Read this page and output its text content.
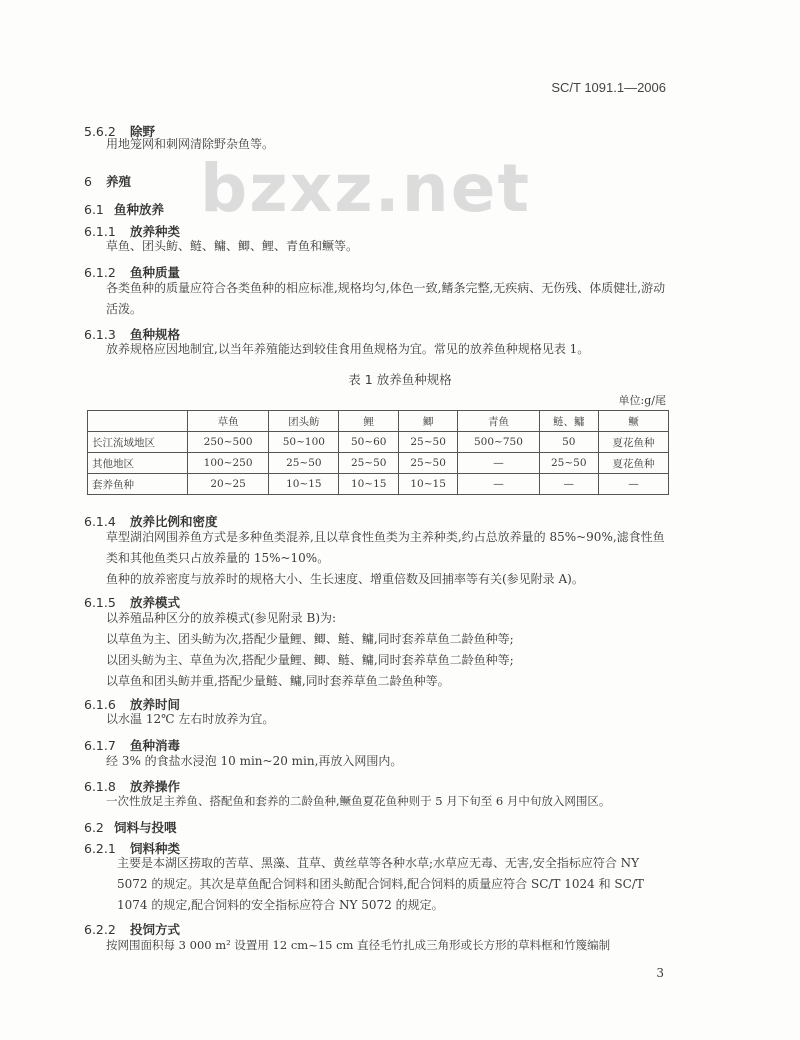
SC/T 1091.1—2006
bzxz.net
5.6.2 除野
用地笼网和刺网清除野杂鱼等。
6 养殖
6.1 鱼种放养
6.1.1 放养种类
草鱼、团头鲂、鲢、鳙、鲫、鲤、青鱼和鳜等。
6.1.2 鱼种质量
各类鱼种的质量应符合各类鱼种的相应标准,规格均匀,体色一致,鳍条完整,无疾病、无伤残、体质健壮,游动活泼。
6.1.3 鱼种规格
放养规格应因地制宜,以当年养殖能达到较佳食用鱼规格为宜。常见的放养鱼种规格见表 1。
表 1 放养鱼种规格
单位:g/尾
	草鱼	团头鲂	鲤	鲫	青鱼	鲢、鳙	鳜
长江流域地区	250~500	50~100	50~60	25~50	500~750	50	夏花鱼种
其他地区	100~250	25~50	25~50	25~50	—	25~50	夏花鱼种
套养鱼种	20~25	10~15	10~15	10~15	—	—	—
6.1.4 放养比例和密度
草型湖泊网围养鱼方式是多种鱼类混养,且以草食性鱼类为主养种类,约占总放养量的 85%~90%,滤食性鱼类和其他鱼类只占放养量的 15%~10%。
鱼种的放养密度与放养时的规格大小、生长速度、增重倍数及回捕率等有关(参见附录 A)。
6.1.5 放养模式
以养殖品种区分的放养模式(参见附录 B)为:
以草鱼为主、团头鲂为次,搭配少量鲤、鲫、鲢、鳙,同时套养草鱼二龄鱼种等;
以团头鲂为主、草鱼为次,搭配少量鲤、鲫、鲢、鳙,同时套养草鱼二龄鱼种等;
以草鱼和团头鲂并重,搭配少量鲢、鳙,同时套养草鱼二龄鱼种等。
6.1.6 放养时间
以水温 12℃ 左右时放养为宜。
6.1.7 鱼种消毒
经 3% 的食盐水浸泡 10 min~20 min,再放入网围内。
6.1.8 放养操作
一次性放足主养鱼、搭配鱼和套养的二龄鱼种,鳜鱼夏花鱼种则于 5 月下旬至 6 月中旬放入网围区。
6.2 饲料与投喂
6.2.1 饲料种类
主要是本湖区捞取的苦草、黑藻、苴草、黄丝草等各种水草;水草应无毒、无害,安全指标应符合 NY 5072 的规定。其次是草鱼配合饲料和团头鲂配合饲料,配合饲料的质量应符合 SC/T 1024 和 SC/T 1074 的规定,配合饲料的安全指标应符合 NY 5072 的规定。
6.2.2 投饲方式
按网围面积每 3 000 m² 设置用 12 cm~15 cm 直径毛竹扎成三角形或长方形的草料框和竹篾编制
3
